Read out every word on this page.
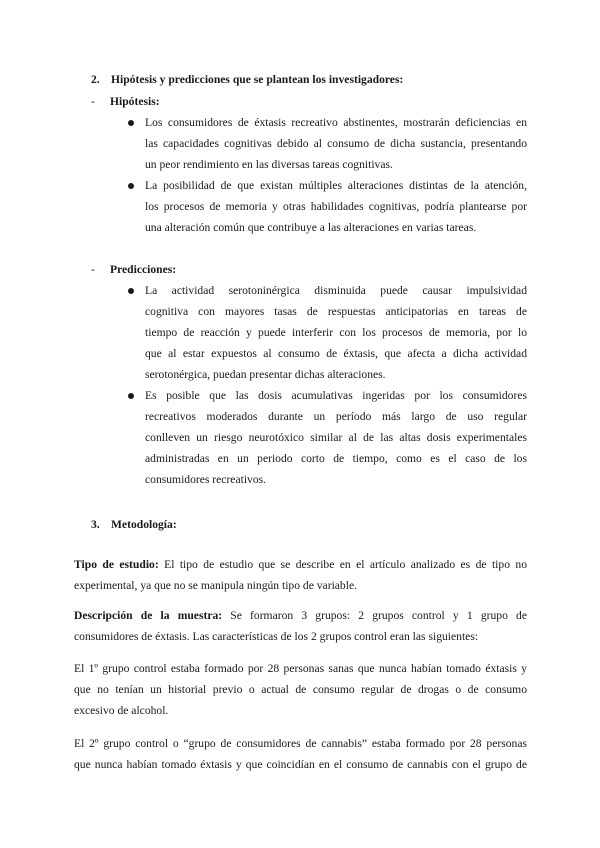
2. Hipótesis y predicciones que se plantean los investigadores:
- Hipótesis:
Los consumidores de éxtasis recreativo abstinentes, mostrarán deficiencias en
las capacidades cognitivas debido al consumo de dicha sustancia, presentando
un peor rendimiento en las diversas tareas cognitivas.
La posibilidad de que existan múltiples alteraciones distintas de la atención,
los procesos de memoria y otras habilidades cognitivas, podría plantearse por
una alteración común que contribuye a las alteraciones en varias tareas.
- Predicciones:
La actividad serotoninérgica disminuida puede causar impulsividad
cognitiva con mayores tasas de respuestas anticipatorias en tareas de
tiempo de reacción y puede interferir con los procesos de memoria, por lo
que al estar expuestos al consumo de éxtasis, que afecta a dicha actividad
serotonérgica, puedan presentar dichas alteraciones.
Es posible que las dosis acumulativas ingeridas por los consumidores
recreativos moderados durante un período más largo de uso regular
conlleven un riesgo neurotóxico similar al de las altas dosis experimentales
administradas en un periodo corto de tiempo, como es el caso de los
consumidores recreativos.
3. Metodología:
Tipo de estudio: El tipo de estudio que se describe en el artículo analizado es de tipo no
experimental, ya que no se manipula ningún tipo de variable.
Descripción de la muestra: Se formaron 3 grupos: 2 grupos control y 1 grupo de
consumidores de éxtasis. Las características de los 2 grupos control eran las siguientes:
El 1º grupo control estaba formado por 28 personas sanas que nunca habían tomado éxtasis y
que no tenían un historial previo o actual de consumo regular de drogas o de consumo
excesivo de alcohol.
El 2º grupo control o “grupo de consumidores de cannabis” estaba formado por 28 personas
que nunca habían tomado éxtasis y que coincidían en el consumo de cannabis con el grupo de
